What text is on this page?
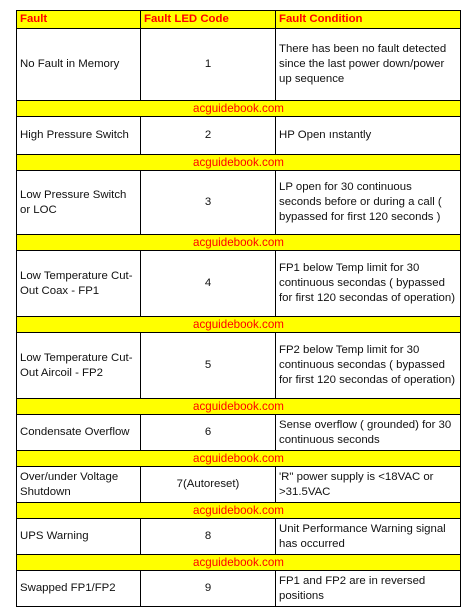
Fault	Fault LED Code	Fault Condition
No Fault in Memory	1	There has been no fault detected since the last power down/power up sequence
acguidebook.com		
High Pressure Switch	2	HP Open ınstantly
acguidebook.com		
Low Pressure Switch or LOC	3	LP open for 30 continuous seconds before or during a call ( bypassed for first 120 seconds )
acguidebook.com		
Low Temperature Cut-Out Coax - FP1	4	FP1 below Temp limit for 30 continuous secondas ( bypassed for first 120 secondas of operation)
acguidebook.com		
Low Temperature Cut-Out Aircoil - FP2	5	FP2 below Temp limit for 30 continuous secondas ( bypassed for first 120 secondas of operation)
acguidebook.com		
Condensate Overflow	6	Sense overflow ( grounded) for 30 continuous seconds
acguidebook.com		
Over/under Voltage Shutdown	7(Autoreset)	'R" power supply is <18VAC or >31.5VAC
acguidebook.com		
UPS Warning	8	Unit Performance Warning signal has occurred
acguidebook.com		
Swapped FP1/FP2	9	FP1 and FP2 are in reversed positions
